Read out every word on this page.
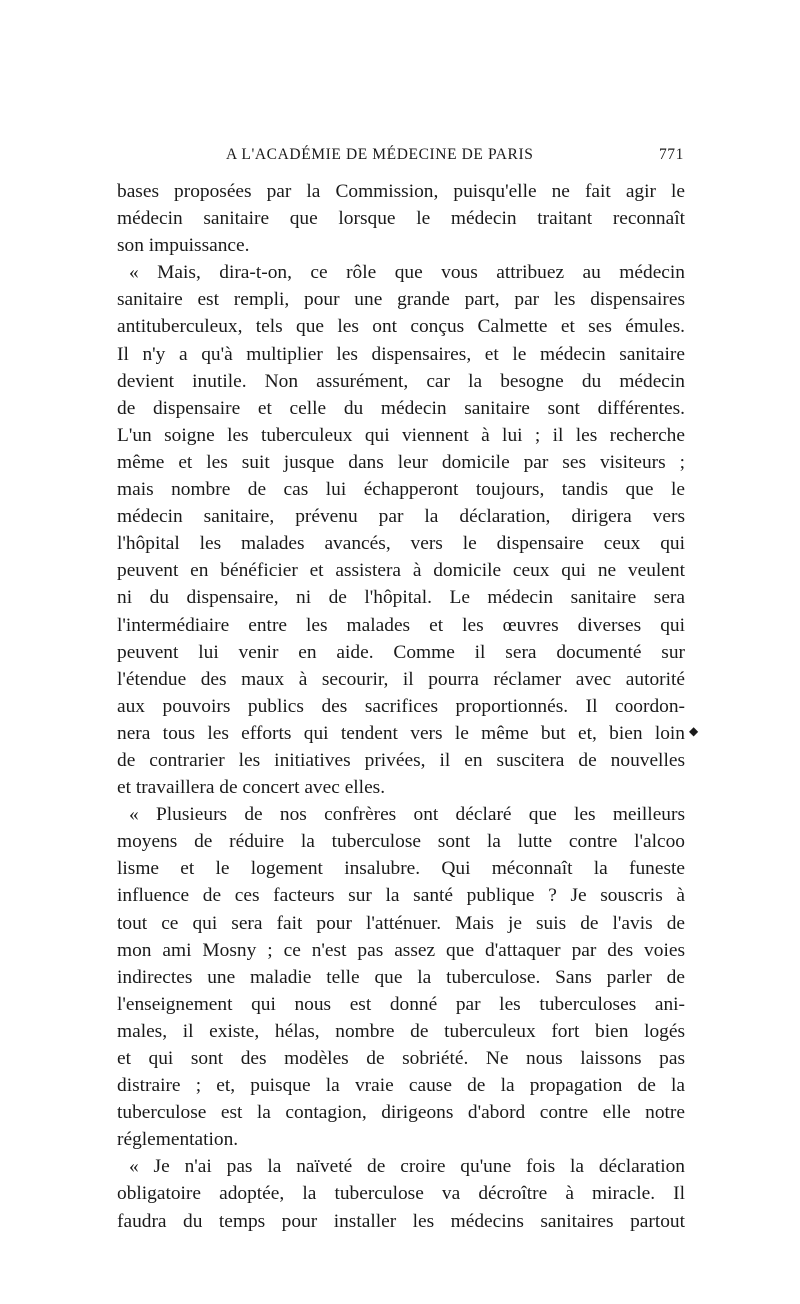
A L'ACADÉMIE DE MÉDECINE DE PARIS	771
bases proposées par la Commission, puisqu'elle ne fait agir le
médecin sanitaire que lorsque le médecin traitant reconnaît
son impuissance.
« Mais, dira-t-on, ce rôle que vous attribuez au médecin
sanitaire est rempli, pour une grande part, par les dispensaires
antituberculeux, tels que les ont conçus Calmette et ses émules.
Il n'y a qu'à multiplier les dispensaires, et le médecin sanitaire
devient inutile. Non assurément, car la besogne du médecin
de dispensaire et celle du médecin sanitaire sont différentes.
L'un soigne les tuberculeux qui viennent à lui ; il les recherche
même et les suit jusque dans leur domicile par ses visiteurs ;
mais nombre de cas lui échapperont toujours, tandis que le
médecin sanitaire, prévenu par la déclaration, dirigera vers
l'hôpital les malades avancés, vers le dispensaire ceux qui
peuvent en bénéficier et assistera à domicile ceux qui ne veulent
ni du dispensaire, ni de l'hôpital. Le médecin sanitaire sera
l'intermédiaire entre les malades et les œuvres diverses qui
peuvent lui venir en aide. Comme il sera documenté sur
l'étendue des maux à secourir, il pourra réclamer avec autorité
aux pouvoirs publics des sacrifices proportionnés. Il coordon-
nera tous les efforts qui tendent vers le même but et, bien loin
de contrarier les initiatives privées, il en suscitera de nouvelles
et travaillera de concert avec elles.
« Plusieurs de nos confrères ont déclaré que les meilleurs
moyens de réduire la tuberculose sont la lutte contre l'alcoo
lisme et le logement insalubre. Qui méconnaît la funeste
influence de ces facteurs sur la santé publique ? Je souscris à
tout ce qui sera fait pour l'atténuer. Mais je suis de l'avis de
mon ami Mosny ; ce n'est pas assez que d'attaquer par des voies
indirectes une maladie telle que la tuberculose. Sans parler de
l'enseignement qui nous est donné par les tuberculoses ani-
males, il existe, hélas, nombre de tuberculeux fort bien logés
et qui sont des modèles de sobriété. Ne nous laissons pas
distraire ; et, puisque la vraie cause de la propagation de la
tuberculose est la contagion, dirigeons d'abord contre elle notre
réglementation.
« Je n'ai pas la naïveté de croire qu'une fois la déclaration
obligatoire adoptée, la tuberculose va décroître à miracle. Il
faudra du temps pour installer les médecins sanitaires partout
◆
